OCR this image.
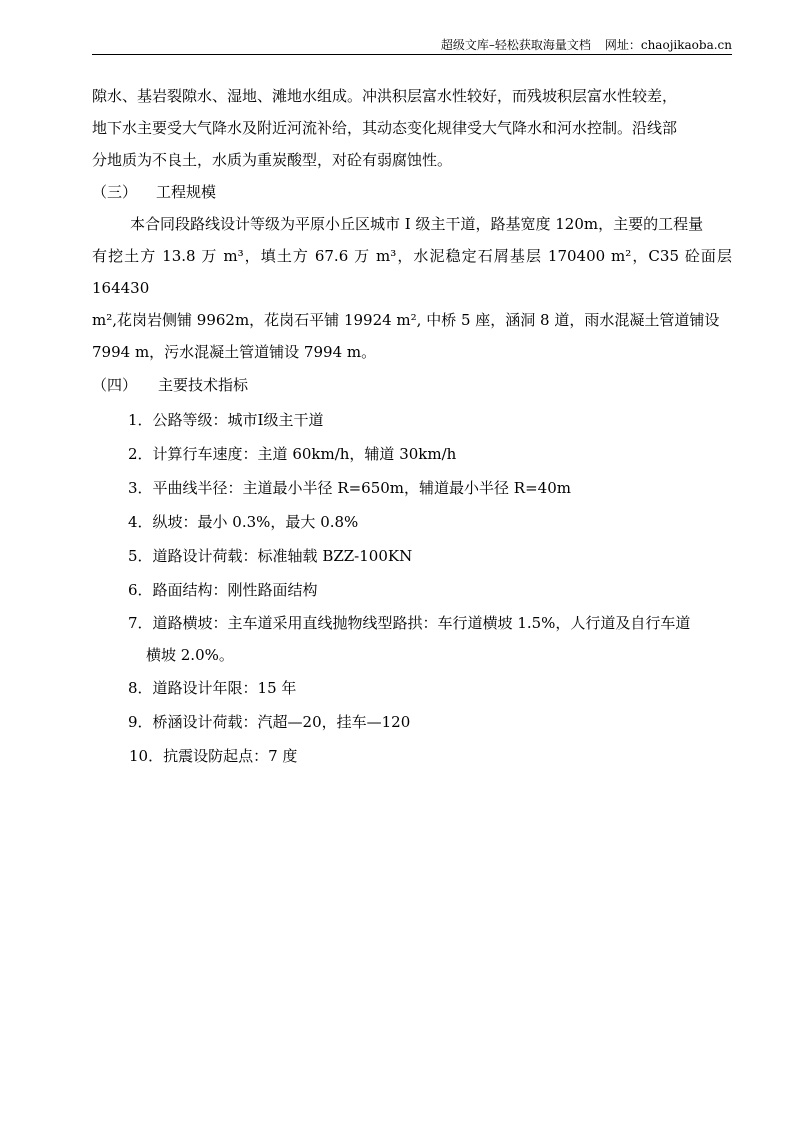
超级文库–轻松获取海量文档 网址：chaojikaoba.cn

隙水、基岩裂隙水、湿地、滩地水组成。冲洪积层富水性较好，而残坡积层富水性较差，
地下水主要受大气降水及附近河流补给，其动态变化规律受大气降水和河水控制。沿线部
分地质为不良土，水质为重炭酸型，对砼有弱腐蚀性。

（三） 工程规模

本合同段路线设计等级为平原小丘区城市 I 级主干道，路基宽度 120m，主要的工程量
有挖土方 13.8 万 m³，填土方 67.6 万 m³，水泥稳定石屑基层 170400 m²，C35 砼面层 164430
m²,花岗岩侧铺 9962m，花岗石平铺 19924 m², 中桥 5 座，涵洞 8 道，雨水混凝土管道铺设
7994 m，污水混凝土管道铺设 7994 m。

（四） 主要技术指标

1．公路等级：城市Ⅰ级主干道

2．计算行车速度：主道 60km/h，辅道 30km/h

3．平曲线半径：主道最小半径 R=650m，辅道最小半径 R=40m

4．纵坡：最小 0.3%，最大 0.8%

5．道路设计荷载：标准轴载 BZZ-100KN

6．路面结构：刚性路面结构

7．道路横坡：主车道采用直线抛物线型路拱：车行道横坡 1.5%，人行道及自行车道
横坡 2.0%。

8．道路设计年限：15 年

9．桥涵设计荷载：汽超—20，挂车—120

10．抗震设防起点：7 度
